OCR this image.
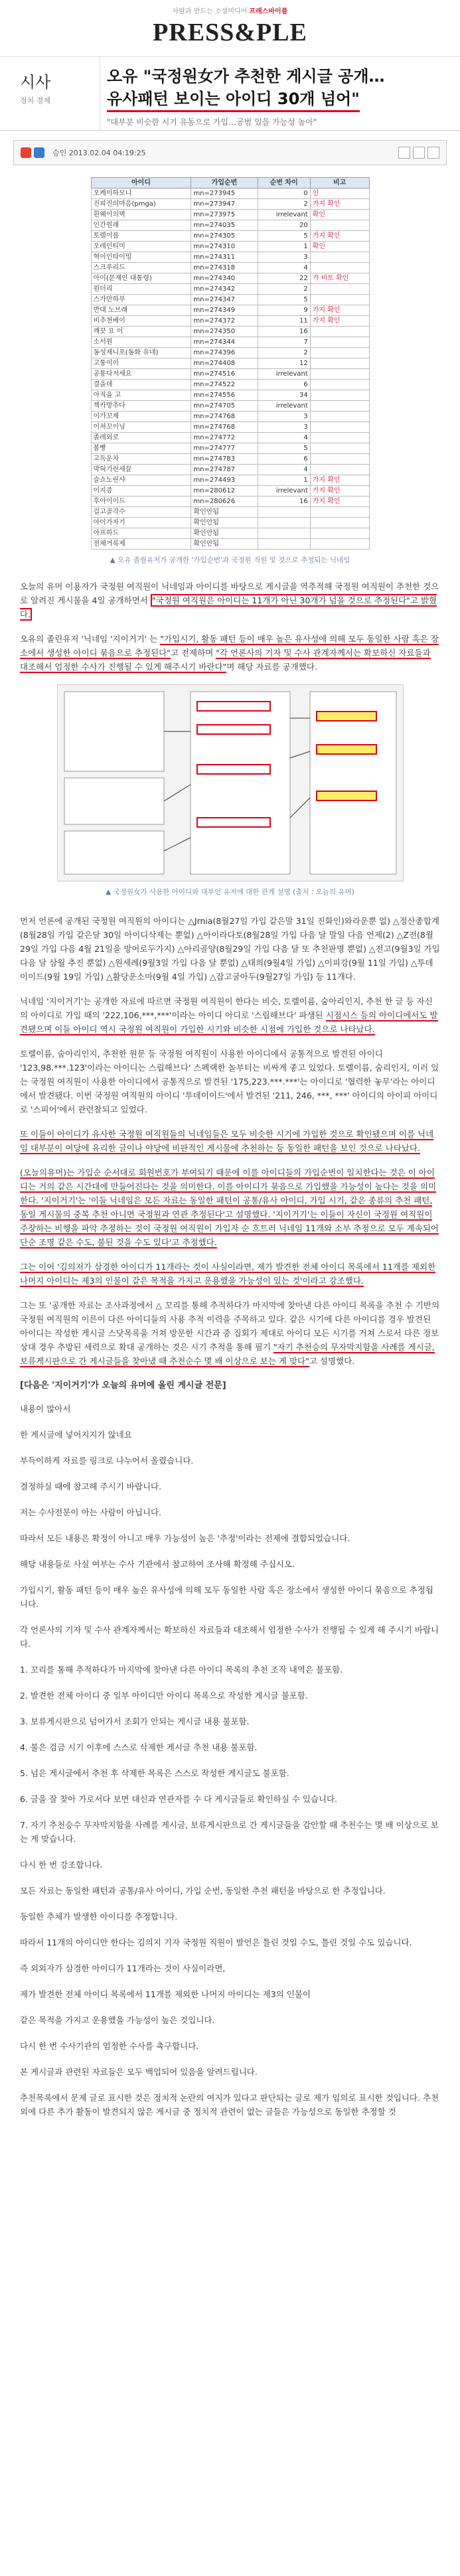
사람과 만드는 소셜미디어 프레스바이플
PRESS&PLE
시사
정치 경제
오유 "국정원女가 추천한 게시글 공개…
유사패턴 보이는 아이디 30개 넘어"
"대부분 비슷한 시기 유동으로 가입…공범 있을 가능성 높아"
승인 2013.02.04 04:19:25
아이디	가입순번	순번 차이	비고
오케이하모니	mn=273945	0	인
진피진의마음(pmga)	mn=273947	2	가지 확인
흰웨이의벽	mn=273975	irrelevant	확인
인간원래	mn=274035	20	
토렐이름	mn=274305	5	가지 확인
오레인티미	mn=274310	1	확인
혁이인타이밍	mn=274311	3	
스크루리드	mn=274318	4	
아이(문재인 대통령)	mn=274340	22	가 비토 확인
원더리	mn=274342	2	
스가만하부	mn=274347	5	
반대 노브래	mn=274349	9	가지 확인
비추천베이	mn=274372	11	가지 확인
깨끗 요 이	mn=274350	16	
소서원	mn=274344	7	
동성제니포(동화 유네)	mn=274396	2	
고통이이	mn=274408	12	
공통다저세요	mn=274516	irrelevant	
결을데	mn=274522	6	
아직을 고	mn=274556	34	
책카방추다	mn=274705	irrelevant	
이가꼬제	mn=274768	3	
이쳐꼬이닝	mn=274768	3	
졸레외로	mn=274772	4	
볼빵	mn=274777	5	
고독운차	mn=274783	6	
막혀기린세끌	mn=274787	4	
슬쇼노린샤	mn=274493	1	가지 확인
이지증	mn=280612	irrelevant	가지 확인
후아이이드	mn=280626	16	가지 확인
걸고골각수	확인안됨		
아이가자기	확인안됨		
아프하드	확인안됨		
전체거룩제	확인안됨		
▲ 오유 졸릴유저가 공개한 '가입순번'과 국정원 직원 및 것으로 추정되는 닉네임

오늘의 유머 이용자가 국정원 여직원이 닉네임과 아이디를 바탕으로 게시글을 역추적해 국정원 여직원이 추천한 것으로 알려진 게시물을 4일 공개하면서 "국정원 여직원은 아이디는 11개가 아닌 30개가 넘을 것으로 추정된다"고 밝혔다.

오유의 졸린유저 '닉네임 '지이거기' 는 "가입시기, 활동 패턴 등이 매우 높은 유사성에 의해 모두 동일한 사람 혹은 장소에서 생성한 아이디 묶음으로 추정된다"고 전제하며 "각 언론사의 기자 및 수사 관계자께서는 확보하신 자료들과 대조해서 엄정한 수사가 진행될 수 있게 해주시기 바란다"며 해당 자료를 공개했다.

▲ 국정원女가 사용한 아이디와 대부인 유저에 대한 관계 설명 (출처 : 오늘의 유머)

먼저 언론에 공개된 국정원 여직원의 아이디는 △Jrnia(8월27일 가입 같은말 31일 진화인)와라운뿐 없) △정산종합계(8월28일 가입 같은달 30일 아이디삭제는 뿐없) △아이라다토(8월28일 가입 다음 달 말일 다음 언제(2) △Z전(8월29일 가입 다음 4월 21일을 방어로두가지) △아리골양(8월29일 가입 다음 달 또 추천판명 뿐없) △전고(9월3일 가입 다음 달 삼월 추진 뿐없) △원세례(9월3일 가입 다음 달 뿐없) △태희(9월4일 가입) △이피강(9월 11일 가입) △투데이이드(9월 19일 가입) △활당운소마(9월 4일 가입) △잡고굴아두(9월27일 가입) 등 11개다.

닉네임 '지이거기'는 공개한 자료에 따르면 국정원 여직원이 한다는 비슷, 토렐이름, 숨아리인지, 추천 한 글 등 자신의 아이디로 가입 때의 '222,106,***,***'이라는 아이디 아디로 '스립해브다' 파생된 시점시스 등의 아이디에서도 발견됐으며 이들 아이디 역시 국정원 여직원이 가입한 시기와 비슷한 시점에 가입한 것으로 나타났다.

토렐이름, 숨아리인지, 추천한 원문 등 국정원 여직원이 사용한 아이디에서 공통적으로 발견된 아이디 '123,98.***.123'이라는 아이디는 스립해브다' 스펙랙한 놀부터는 비싸게 좋고 있었다. 토렐이름, 숨리인지, 이러 있는 국정원 여직원이 사용한 아이디에서 공통적으로 발견된 '175,223.***.***'는 아이디로 '협력한 놓무'라는 아이디에서 발견됐다. 이번 국정원 여직원의 아이디 '투데이이드'에서 발견된 '211, 246, ***, ***' 아이디의 아이피 아이디로 '스피어'에서 관련찰되고 있었다.

또 이들이 아이디가 유사한 국정원 여직원들의 닉네임들은 모두 비슷한 시기에 가입한 것으로 확인됐으며 이를 닉네임 대부분이 여당에 유리한 글이나 야당에 비판적인 게시물에 추천하는 등 동일한 패턴을 보인 것으로 나타났다.

(오늘의유머)는 가입순 순서대로 회원번호가 부여되기 때문에 이를 아이디들의 가입순번이 일치한다는 것은 이 아이디는 거의 같은 시간대에 만들어진다는 것을 의미한다. 이를 아이디가 묶음으로 가입했을 가능성이 높다는 것을 의미한다. '지이거기'는 '이들 닉네임은 모든 자료는 동일한 패턴이 공통/유사 아이디, 가입 시기, 같은 종류의 추천 패턴, 동일 게시물의 중복 추천 아니면 국정원과 연관 추정된다'고 설명했다. '지이거기'는 이들이 자신이 국정원 여직원이 주장하는 비행을 파악 추정하는 것이 국정원 여직원이 가입자 순 흐트러 닉네임 11개와 소부 추정으로 모두 계속되어 단순 조명 같은 수도, 불된 것을 수도 있다'고 추정했다.

그는 이어 '김의저가 삼경한 아이디가 11개라는 것이 사실이라면, 제가 발견한 전체 아이디 목록에서 11개를 제외한 나머지 아이디는 제3의 인물이 같은 목적을 가지고 운용했을 가능성이 있는 것'이라고 강조했다.

그는 또 '공개한 자료는 조사과정에서 △ 꼬리를 통해 추적하다가 마지막에 찾아낸 다른 아이디 목록을 추천 수 기반의 국정원 여직원의 이른이 다른 아이디들의 사용 추적 이력을 주목하고 있다. 같은 시기에 다른 아이디를 경우 발견된 아이디는 작성한 게시글 스닷목록을 거쳐 방문한 시간과 중 집회가 제대로 아이디 모든 시기를 거쳐 스로서 다른 정보 상대 경우 추방된 세력으로 확대 공개하는 것은 시기 추적을 통해 필기 "자기 추천승의 무자막지함을 사례를 게시글, 보류게시판으로 간 게시글들을 찾아냈 때 추천순수 몇 배 이상으로 보는 게 맞다"고 설명했다.

[다음은 '지이거기'가 오늘의 유머에 올린 게시글 전문]

내용이 많아서

한 게시글에 넣어지지가 않네요

부득이하게 자료를 링크로 나누어서 올렸습니다.

결정하실 때에 참고해 주시기 바랍니다.

저는 수사전문이 아는 사람이 아닙니다.

따라서 모든 내용은 확정이 아니고 매우 가능성이 높은 '추정'이라는 전제에 결합되었습니다.

해당 내용들로 사실 여부는 수사 기관에서 참고하여 조사해 확정해 주십시오.

가입시기, 활동 패턴 등이 매우 높은 유사성에 의해 모두 동일한 사람 혹은 장소에서 생성한 아이디 묶음으로 추정됩니다.

각 언론사의 기자 및 수사 관계자께서는 확보하신 자료들과 대조해서 엄정한 수사가 진행될 수 있게 해 주시기 바랍니다.

1. 꼬리를 통해 추적하다가 마지막에 찾아낸 다른 아이디 목록의 추천 조작 내역은 불포함.

2. 발견한 전체 아이디 중 일부 아이디만 아이디 목록으로 작성한 게시글 불포함.

3. 보류게시판으로 넘어가서 조회가 안되는 게시글 내용 불포함.

4. 불은 검금 시기 이후에 스스로 삭제한 게시글 추천 내용 불포함.

5. 넘은 게시글에서 추천 후 삭제한 목록은 스스로 작성한 게시글도 불포함.

6. 글을 잘 찾아 가로서다 보면 대신과 연관자를 수 다 게시글들로 확인하실 수 있습니다.

7. 자기 추천승수 무자막지함을 사례를 게시글, 보류게시판으로 간 게시글들을 감안할 때 추천수는 몇 배 이상으로 보는 게 맞습니다.

다시 한 번 강조합니다.

모든 자료는 동일한 패턴과 공통/유사 아이디, 가입 순번, 동일한 추천 패턴을 바탕으로 한 추정입니다.

동일한 추체가 발생한 아이디를 추정합니다.

따라서 11개의 아이디만 한다는 김의지 기자 국정원 직원이 발언은 틀린 것일 수도, 틀린 것일 수도 있습니다.

즉 외외자가 삼경한 아이디가 11개라는 것이 사실이라면,

제가 발견한 전체 아이디 목록에서 11개를 제외한 나머지 아이디는 제3의 인물이

같은 목적을 가지고 운용했을 가능성이 높은 것입니다.

다시 한 번 수사기관의 엄정한 수사를 촉구합니다.

본 게시글과 관련된 자료들은 모두 백업되어 있음을 알려드립니다.

추천목록에서 문제 글로 표시한 것은 정치적 논란의 여지가 있다고 판단되는 글로 제가 임의로 표시한 것입니다. 추천 외에 다른 추가 활동이 발견되지 않은 게시글 중 정치적 관련이 없는 글들은 가능성으로 동일한 추정할 것
